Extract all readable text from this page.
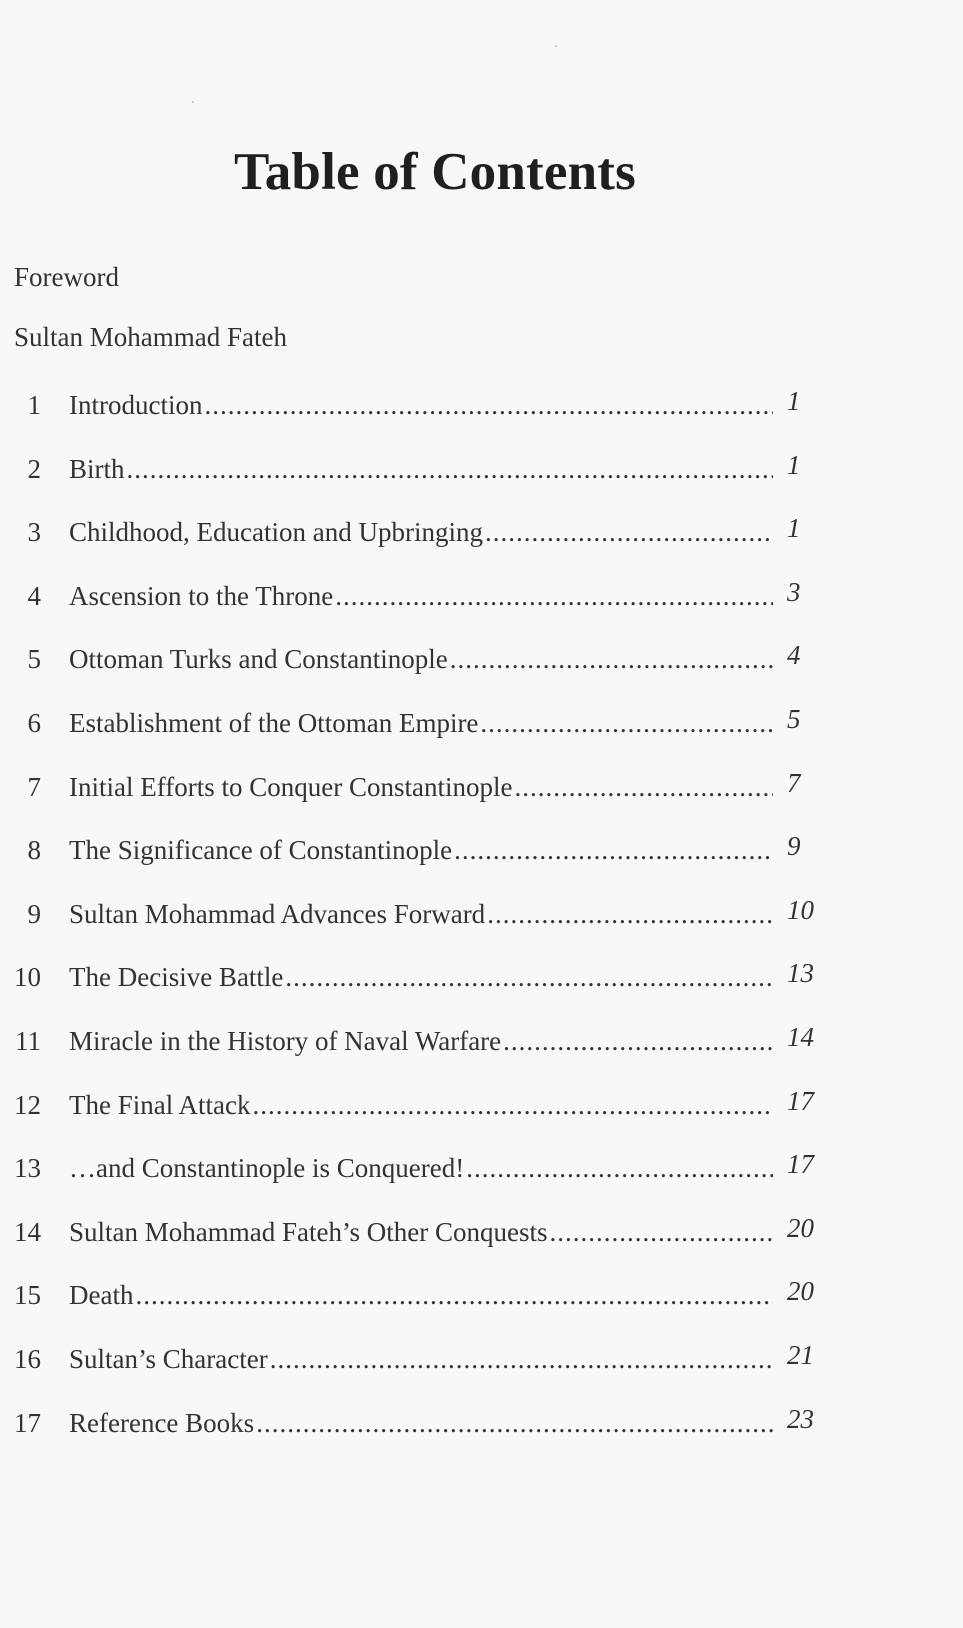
Table of Contents
Foreword
Sultan Mohammad Fateh
1 Introduction .....	1
2 Birth .....	1
3 Childhood, Education and Upbringing .....	1
4 Ascension to the Throne .....	3
5 Ottoman Turks and Constantinople .....	4
6 Establishment of the Ottoman Empire .....	5
7 Initial Efforts to Conquer Constantinople .....	7
8 The Significance of Constantinople .....	9
9 Sultan Mohammad Advances Forward .....	10
10 The Decisive Battle .....	13
11 Miracle in the History of Naval Warfare .....	14
12 The Final Attack .....	17
13 …and Constantinople is Conquered! .....	17
14 Sultan Mohammad Fateh’s Other Conquests .....	20
15 Death .....	20
16 Sultan’s Character .....	21
17 Reference Books .....	23
